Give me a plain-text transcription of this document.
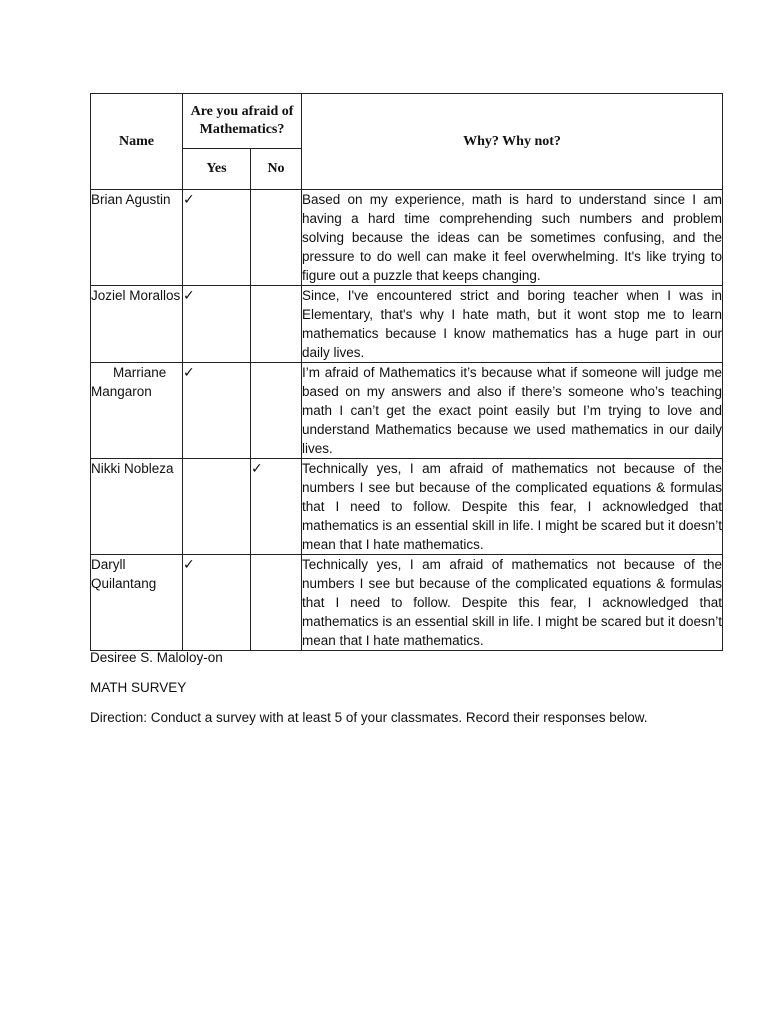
Name	Are you afraid of Mathematics?		Why? Why not?
	Yes	No	
Brian Agustin	✓		Based on my experience, math is hard to understand since I am having a hard time comprehending such numbers and problem solving because the ideas can be sometimes confusing, and the pressure to do well can make it feel overwhelming. It's like trying to figure out a puzzle that keeps changing.
Joziel Morallos	✓		Since, I've encountered strict and boring teacher when I was in Elementary, that's why I hate math, but it wont stop me to learn mathematics because I know mathematics has a huge part in our daily lives.
Marriane Mangaron	✓		I’m afraid of Mathematics it’s because what if someone will judge me based on my answers and also if there’s someone who’s teaching math I can’t get the exact point easily but I’m trying to love and understand Mathematics because we used mathematics in our daily lives.
Nikki Nobleza		✓	Technically yes, I am afraid of mathematics not because of the numbers I see but because of the complicated equations & formulas that I need to follow. Despite this fear, I acknowledged that mathematics is an essential skill in life. I might be scared but it doesn’t mean that I hate mathematics.
Daryll Quilantang	✓		Technically yes, I am afraid of mathematics not because of the numbers I see but because of the complicated equations & formulas that I need to follow. Despite this fear, I acknowledged that mathematics is an essential skill in life. I might be scared but it doesn’t mean that I hate mathematics.
Desiree S. Maloloy-on
MATH SURVEY
Direction: Conduct a survey with at least 5 of your classmates. Record their responses below.
